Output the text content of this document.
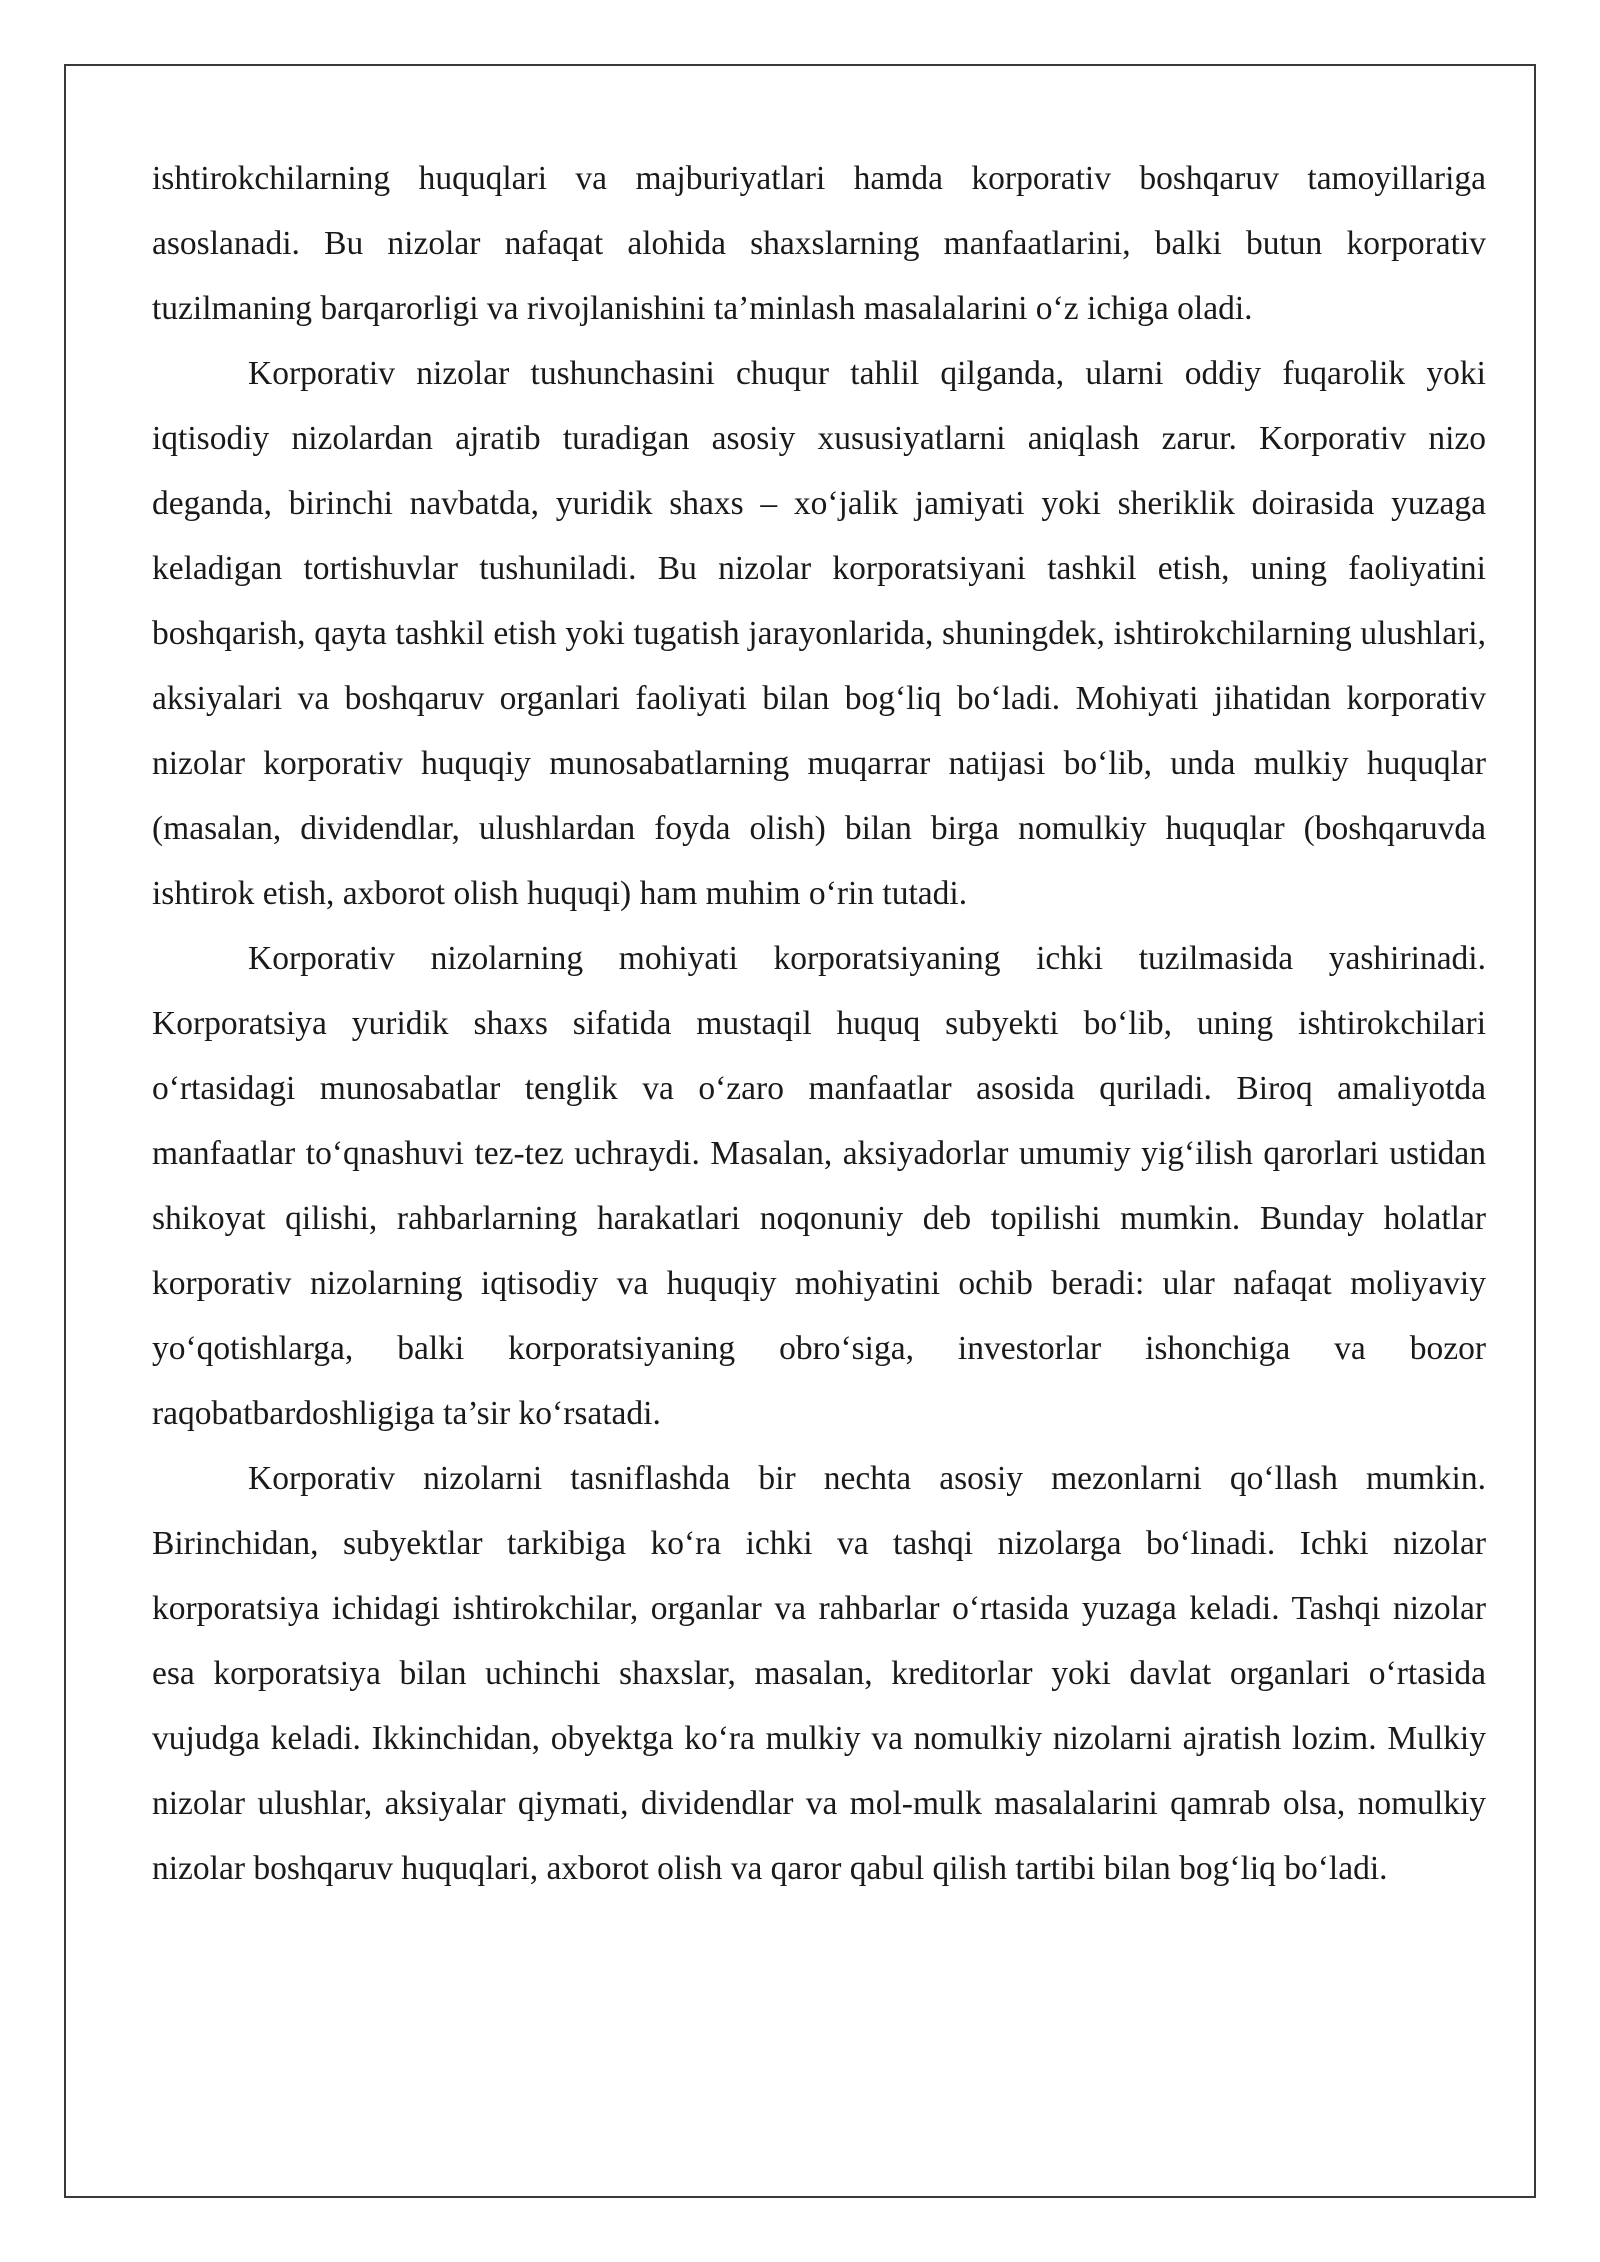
ishtirokchilarning huquqlari va majburiyatlari hamda korporativ boshqaruv tamoyillariga asoslanadi. Bu nizolar nafaqat alohida shaxslarning manfaatlarini, balki butun korporativ tuzilmaning barqarorligi va rivojlanishini ta’minlash masalalarini o‘z ichiga oladi.

Korporativ nizolar tushunchasini chuqur tahlil qilganda, ularni oddiy fuqarolik yoki iqtisodiy nizolardan ajratib turadigan asosiy xususiyatlarni aniqlash zarur. Korporativ nizo deganda, birinchi navbatda, yuridik shaxs – xo‘jalik jamiyati yoki sheriklik doirasida yuzaga keladigan tortishuvlar tushuniladi. Bu nizolar korporatsiyani tashkil etish, uning faoliyatini boshqarish, qayta tashkil etish yoki tugatish jarayonlarida, shuningdek, ishtirokchilarning ulushlari, aksiyalari va boshqaruv organlari faoliyati bilan bog‘liq bo‘ladi. Mohiyati jihatidan korporativ nizolar korporativ huquqiy munosabatlarning muqarrar natijasi bo‘lib, unda mulkiy huquqlar (masalan, dividendlar, ulushlardan foyda olish) bilan birga nomulkiy huquqlar (boshqaruvda ishtirok etish, axborot olish huquqi) ham muhim o‘rin tutadi.

Korporativ nizolarning mohiyati korporatsiyaning ichki tuzilmasida yashirinadi. Korporatsiya yuridik shaxs sifatida mustaqil huquq subyekti bo‘lib, uning ishtirokchilari o‘rtasidagi munosabatlar tenglik va o‘zaro manfaatlar asosida quriladi. Biroq amaliyotda manfaatlar to‘qnashuvi tez-tez uchraydi. Masalan, aksiyadorlar umumiy yig‘ilish qarorlari ustidan shikoyat qilishi, rahbarlarning harakatlari noqonuniy deb topilishi mumkin. Bunday holatlar korporativ nizolarning iqtisodiy va huquqiy mohiyatini ochib beradi: ular nafaqat moliyaviy yo‘qotishlarga, balki korporatsiyaning obro‘siga, investorlar ishonchiga va bozor raqobatbardoshligiga ta’sir ko‘rsatadi.

Korporativ nizolarni tasniflashda bir nechta asosiy mezonlarni qo‘llash mumkin. Birinchidan, subyektlar tarkibiga ko‘ra ichki va tashqi nizolarga bo‘linadi. Ichki nizolar korporatsiya ichidagi ishtirokchilar, organlar va rahbarlar o‘rtasida yuzaga keladi. Tashqi nizolar esa korporatsiya bilan uchinchi shaxslar, masalan, kreditorlar yoki davlat organlari o‘rtasida vujudga keladi. Ikkinchidan, obyektga ko‘ra mulkiy va nomulkiy nizolarni ajratish lozim. Mulkiy nizolar ulushlar, aksiyalar qiymati, dividendlar va mol-mulk masalalarini qamrab olsa, nomulkiy nizolar boshqaruv huquqlari, axborot olish va qaror qabul qilish tartibi bilan bog‘liq bo‘ladi.
